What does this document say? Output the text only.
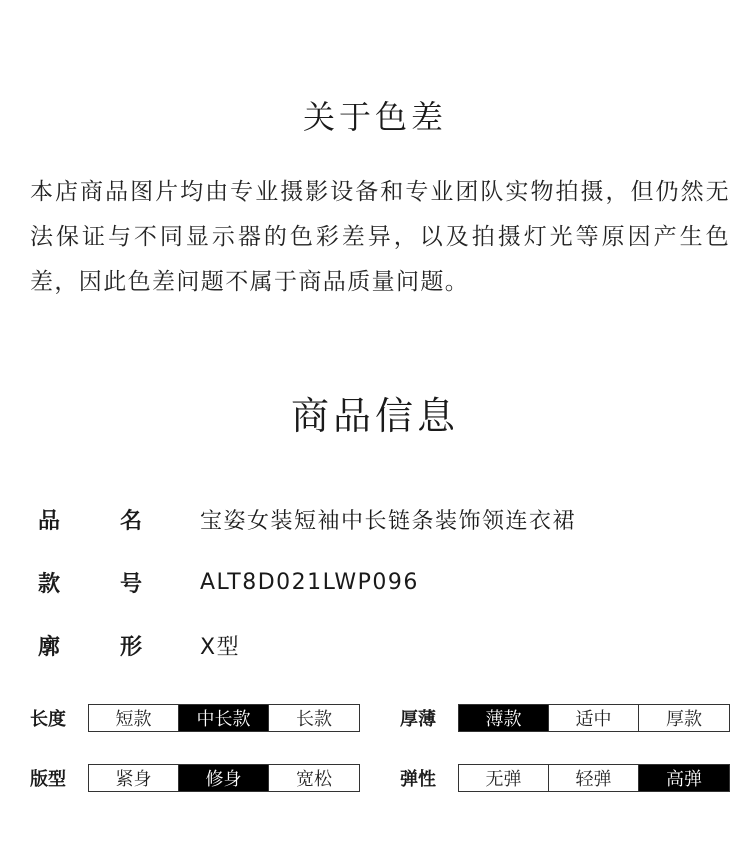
关于色差

本店商品图片均由专业摄影设备和专业团队实物拍摄，但仍然无法保证与不同显示器的色彩差异，以及拍摄灯光等原因产生色差，因此色差问题不属于商品质量问题。

商品信息
品	名	宝姿女装短袖中长链条装饰领连衣裙
款	号	ALT8D021LWP096
廓	形	X型
长度	短款	中长款	长款	厚薄	薄款	适中	厚款
版型	紧身	修身	宽松	弹性	无弹	轻弹	高弹
